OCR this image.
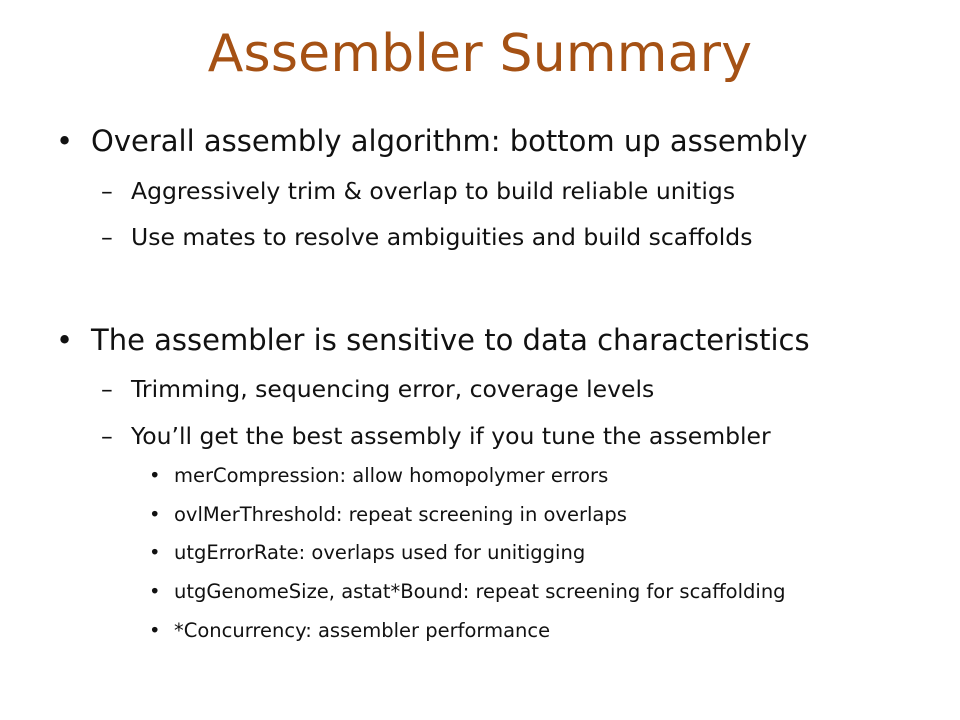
Assembler Summary
• Overall assembly algorithm: bottom up assembly
– Aggressively trim & overlap to build reliable unitigs
– Use mates to resolve ambiguities and build scaffolds
• The assembler is sensitive to data characteristics
– Trimming, sequencing error, coverage levels
– You’ll get the best assembly if you tune the assembler
• merCompression: allow homopolymer errors
• ovlMerThreshold: repeat screening in overlaps
• utgErrorRate: overlaps used for unitigging
• utgGenomeSize, astat*Bound: repeat screening for scaffolding
• *Concurrency: assembler performance
